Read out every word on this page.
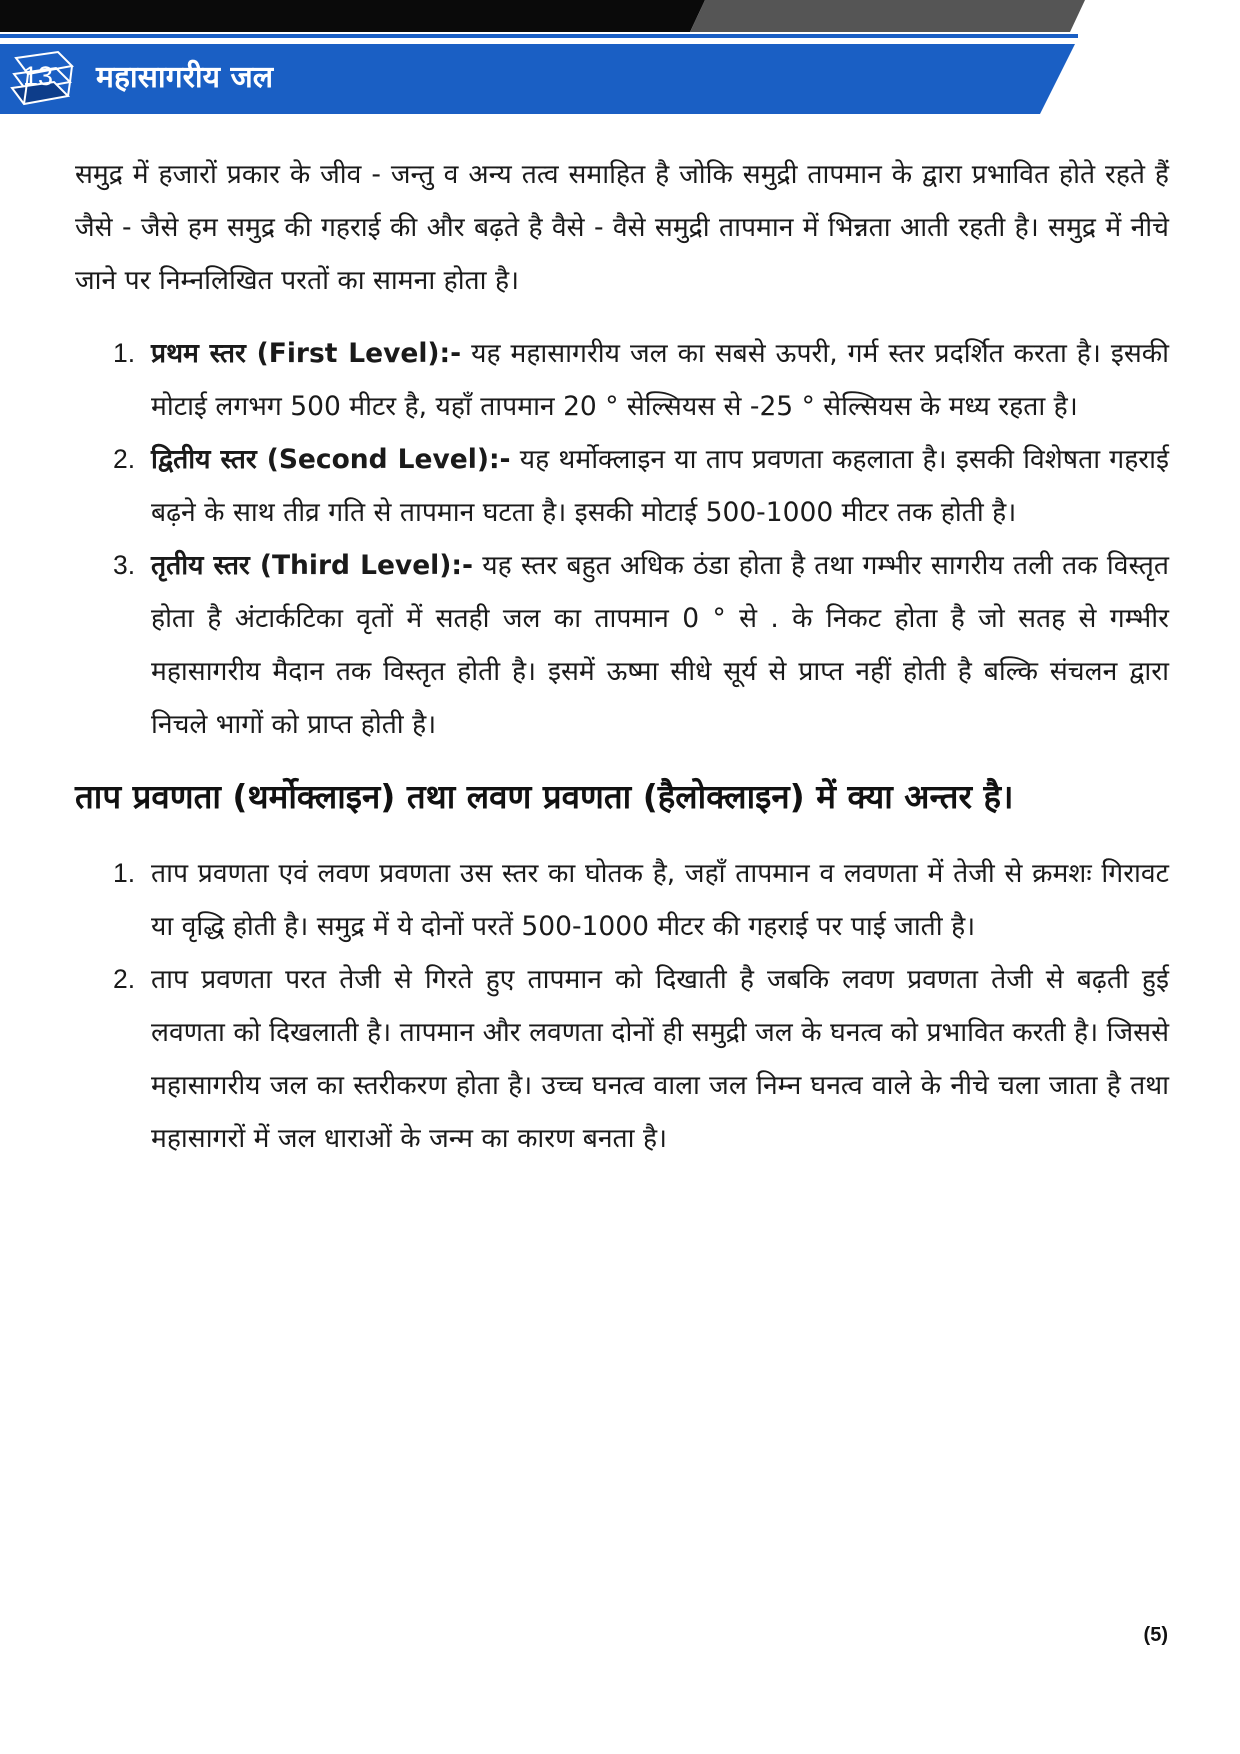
13 महासागरीय जल

समुद्र में हजारों प्रकार के जीव - जन्तु व अन्य तत्व समाहित है जोकि समुद्री तापमान के द्वारा प्रभावित होते रहते हैं जैसे - जैसे हम समुद्र की गहराई की और बढ़ते है वैसे - वैसे समुद्री तापमान में भिन्नता आती रहती है। समुद्र में नीचे जाने पर निम्नलिखित परतों का सामना होता है।

1. प्रथम स्तर (First Level):- यह महासागरीय जल का सबसे ऊपरी, गर्म स्तर प्रदर्शित करता है। इसकी मोटाई लगभग 500 मीटर है, यहाँ तापमान 20 ° सेल्सियस से -25 ° सेल्सियस के मध्य रहता है।
2. द्वितीय स्तर (Second Level):- यह थर्मोक्लाइन या ताप प्रवणता कहलाता है। इसकी विशेषता गहराई बढ़ने के साथ तीव्र गति से तापमान घटता है। इसकी मोटाई 500-1000 मीटर तक होती है।
3. तृतीय स्तर (Third Level):- यह स्तर बहुत अधिक ठंडा होता है तथा गम्भीर सागरीय तली तक विस्तृत होता है अंटार्कटिका वृतों में सतही जल का तापमान 0 ° से . के निकट होता है जो सतह से गम्भीर महासागरीय मैदान तक विस्तृत होती है। इसमें ऊष्मा सीधे सूर्य से प्राप्त नहीं होती है बल्कि संचलन द्वारा निचले भागों को प्राप्त होती है।
ताप प्रवणता (थर्मोक्लाइन) तथा लवण प्रवणता (हैलोक्लाइन) में क्या अन्तर है।
1. ताप प्रवणता एवं लवण प्रवणता उस स्तर का घोतक है, जहाँ तापमान व लवणता में तेजी से क्रमशः गिरावट या वृद्धि होती है। समुद्र में ये दोनों परतें 500-1000 मीटर की गहराई पर पाई जाती है।
2. ताप प्रवणता परत तेजी से गिरते हुए तापमान को दिखाती है जबकि लवण प्रवणता तेजी से बढ़ती हुई लवणता को दिखलाती है। तापमान और लवणता दोनों ही समुद्री जल के घनत्व को प्रभावित करती है। जिससे महासागरीय जल का स्तरीकरण होता है। उच्च घनत्व वाला जल निम्न घनत्व वाले के नीचे चला जाता है तथा महासागरों में जल धाराओं के जन्म का कारण बनता है।
(5)
